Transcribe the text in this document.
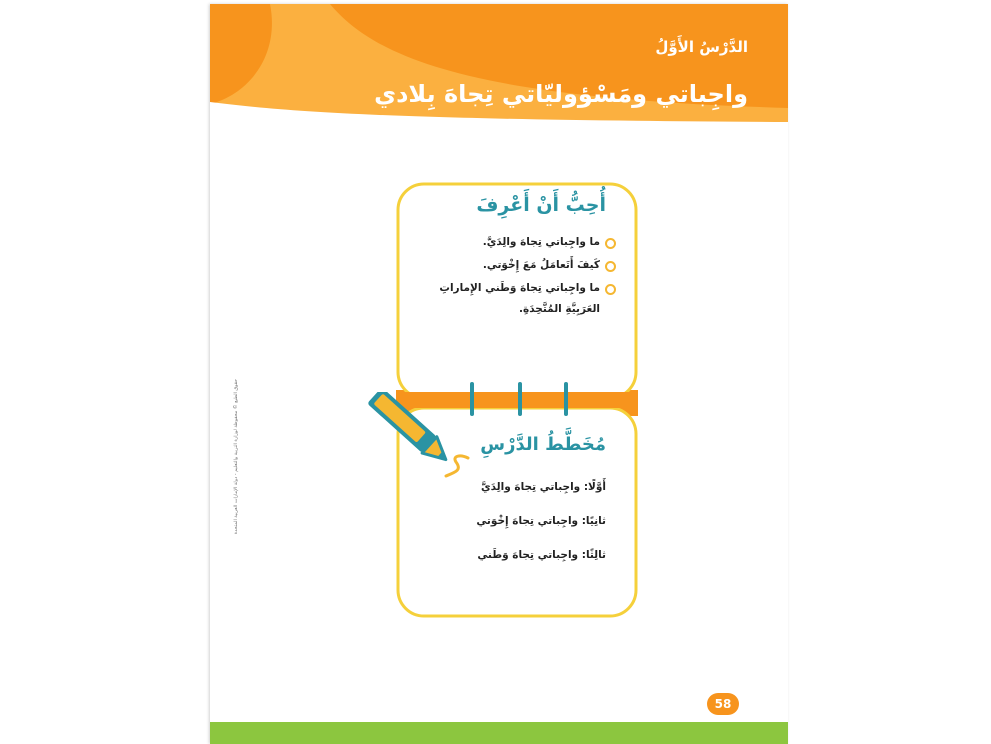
الدَّرْسُ الأَوَّلُ
واجِباتي ومَسْؤوليّاتي تِجاهَ بِلادي
أُحِبُّ أَنْ أَعْرِفَ
ما واجِباتي تِجاهَ والِدَيَّ.
كَيفَ أَتَعامَلُ مَعَ إِخْوَتي.
ما واجِباتي تِجاهَ وَطَني الإِماراتِ العَرَبِيَّةِ المُتَّحِدَةِ.
مُخَطَّطُ الدَّرْسِ
أَوَّلًا: واجِباتي تِجاهَ والِدَيَّ
ثانِيًا: واجِباتي تِجاهَ إِخْوَتي
ثالِثًا: واجِباتي تِجاهَ وَطَني
حقوق الطبع © محفوظة لوزارة التربية والتعليم - دولة الإمارات العربية المتحدة
58
